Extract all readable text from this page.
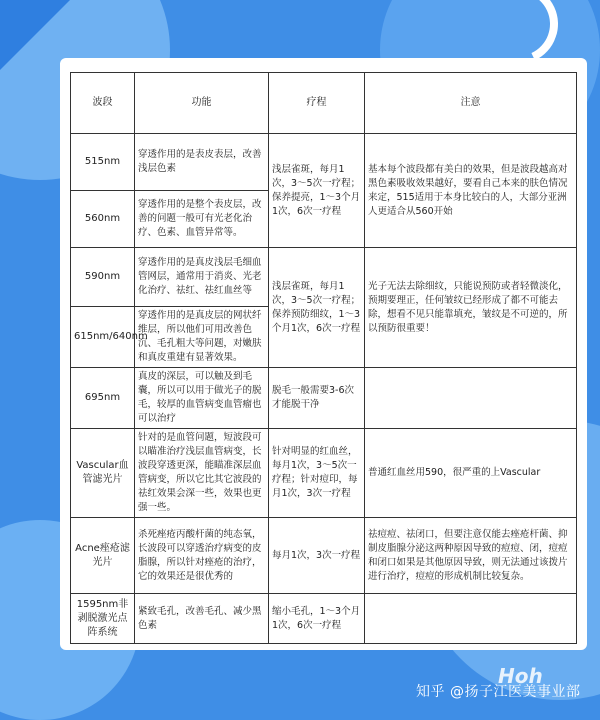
波段	功能	疗程	注意
515nm	穿透作用的是表皮表层，改善浅层色素	浅层雀斑，每月1次，3～5次一疗程；保养提亮，1～3个月1次，6次一疗程	基本每个波段都有美白的效果，但是波段越高对黑色素吸收效果越好，要看自己本来的肤色情况来定，515适用于本身比较白的人，大部分亚洲人更适合从560开始
560nm	穿透作用的是整个表皮层，改善的问题一般可有光老化治疗、色素、血管异常等。		
590nm	穿透作用的是真皮浅层毛细血管网层，通常用于消炎、光老化治疗、祛红、祛红血丝等	浅层雀斑，每月1次，3～5次一疗程；保养预防细纹，1～3个月1次，6次一疗程	光子无法去除细纹，只能说预防或者轻微淡化，预期要理正，任何皱纹已经形成了都不可能去除，想看不见只能靠填充，皱纹是不可逆的，所以预防很重要！
615nm/640nm	穿透作用的是真皮层的网状纤维层，所以他们可用改善色沉、毛孔粗大等问题，对嫩肤和真皮重建有显著效果。		
695nm	真皮的深层，可以触及到毛囊，所以可以用于做光子的脱毛，较厚的血管病变血管瘤也可以治疗	脱毛一般需要3-6次才能脱干净	
Vascular血管滤光片	针对的是血管问题，短波段可以瞄准治疗浅层血管病变，长波段穿透更深，能瞄准深层血管病变，所以它比其它波段的祛红效果会深一些，效果也更强一些。	针对明显的红血丝，每月1次，3～5次一疗程；针对痘印，每月1次，3次一疗程	普通红血丝用590，很严重的上Vascular
Acne痤疮滤光片	杀死痤疮丙酸杆菌的纯态氧，长波段可以穿透治疗病变的皮脂腺，所以针对痤疮的治疗，它的效果还是很优秀的	每月1次，3次一疗程	祛痘痘、祛闭口，但要注意仅能去痤疮杆菌、抑制皮脂腺分泌这两种原因导致的痘痘、闭，痘痘和闭口如果是其他原因导致，则无法通过该拨片进行治疗，痘痘的形成机制比较复杂。
1595nm非剥脱激光点阵系统	紧致毛孔，改善毛孔、减少黑色素	缩小毛孔，1～3个月1次，6次一疗程	
Hoh
知乎 @扬子江医美事业部
